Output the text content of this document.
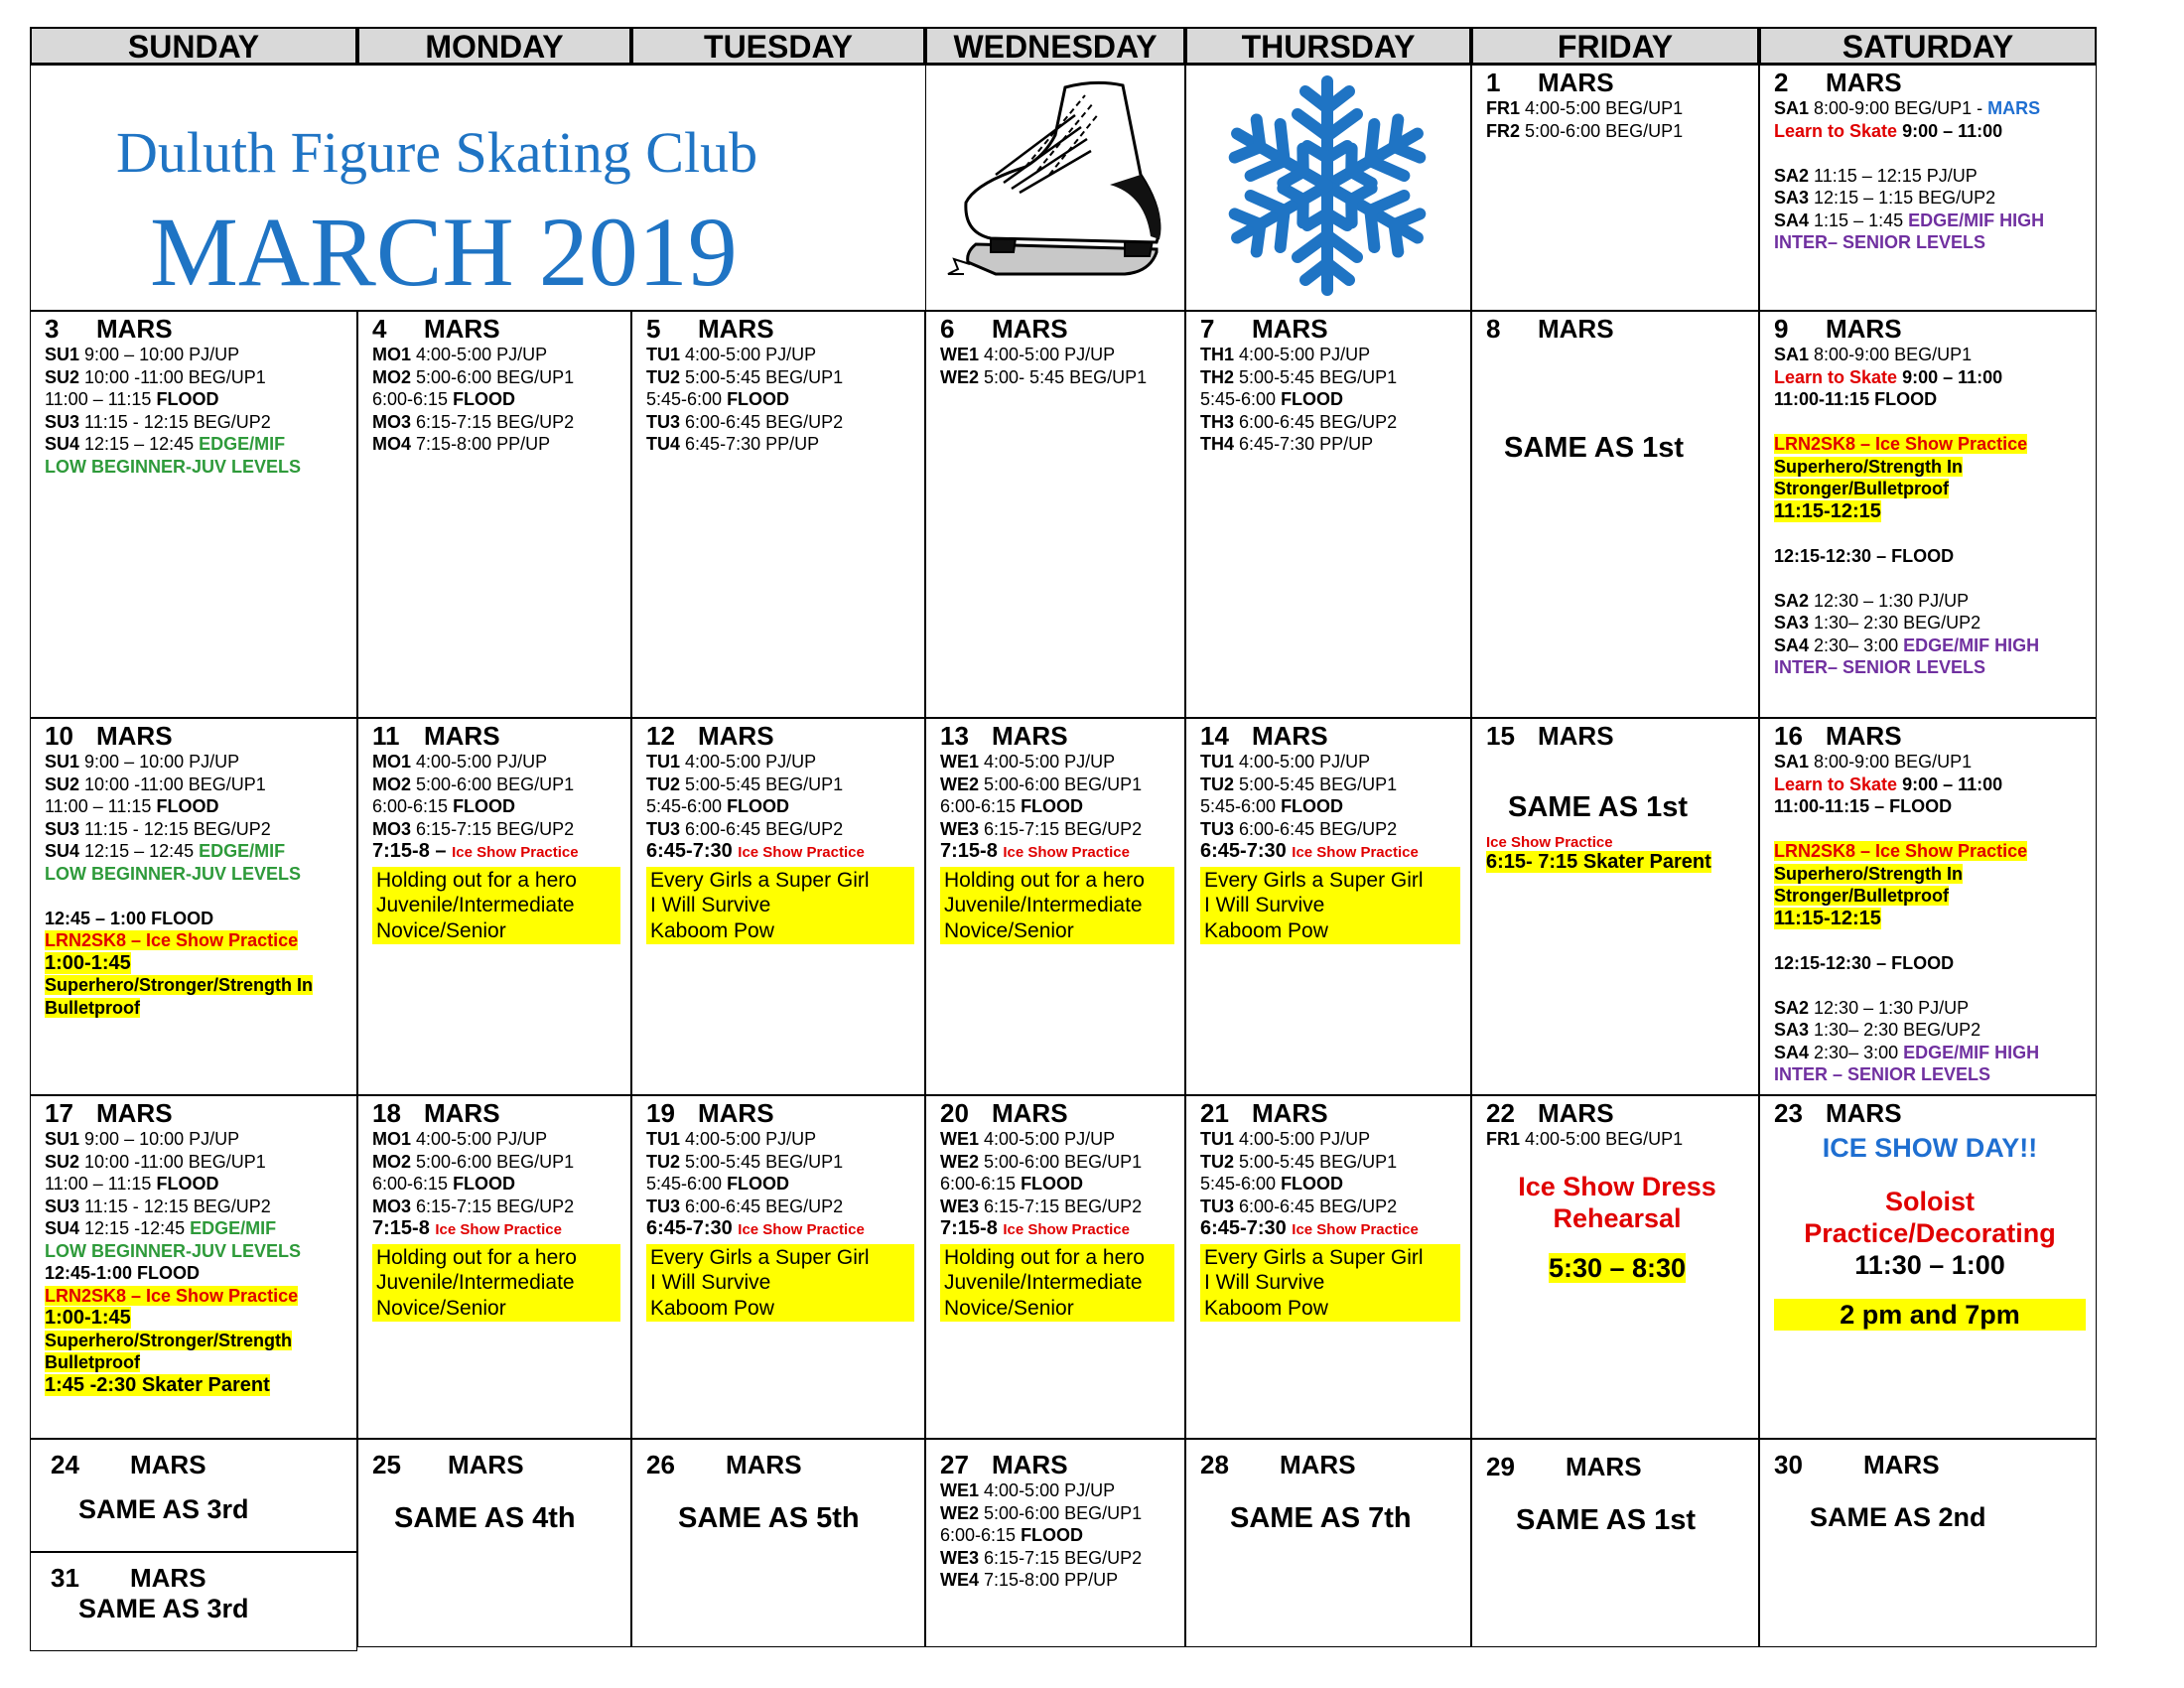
SUNDAY	MONDAY	TUESDAY	WEDNESDAY	THURSDAY	FRIDAY	SATURDAY
Duluth Figure Skating Club
MARCH 2019
1 MARS
FR1 4:00-5:00 BEG/UP1
FR2 5:00-6:00 BEG/UP1
2 MARS
SA1 8:00-9:00 BEG/UP1 - MARS
Learn to Skate 9:00 – 11:00

SA2 11:15 – 12:15 PJ/UP
SA3 12:15 – 1:15 BEG/UP2
SA4 1:15 – 1:45 EDGE/MIF HIGH
INTER– SENIOR LEVELS
3 MARS
SU1 9:00 – 10:00 PJ/UP
SU2 10:00 -11:00 BEG/UP1
11:00 – 11:15 FLOOD
SU3 11:15 - 12:15 BEG/UP2
SU4 12:15 – 12:45 EDGE/MIF
LOW BEGINNER-JUV LEVELS
4 MARS
MO1 4:00-5:00 PJ/UP
MO2 5:00-6:00 BEG/UP1
6:00-6:15 FLOOD
MO3 6:15-7:15 BEG/UP2
MO4 7:15-8:00 PP/UP
5 MARS
TU1 4:00-5:00 PJ/UP
TU2 5:00-5:45 BEG/UP1
5:45-6:00 FLOOD
TU3 6:00-6:45 BEG/UP2
TU4 6:45-7:30 PP/UP
6 MARS
WE1 4:00-5:00 PJ/UP
WE2 5:00- 5:45 BEG/UP1
7 MARS
TH1 4:00-5:00 PJ/UP
TH2 5:00-5:45 BEG/UP1
5:45-6:00 FLOOD
TH3 6:00-6:45 BEG/UP2
TH4 6:45-7:30 PP/UP
8 MARS
SAME AS 1st
9 MARS
SA1 8:00-9:00 BEG/UP1
Learn to Skate 9:00 – 11:00
11:00-11:15 FLOOD

LRN2SK8 – Ice Show Practice
Superhero/Strength In
Stronger/Bulletproof
11:15-12:15

12:15-12:30 – FLOOD

SA2 12:30 – 1:30 PJ/UP
SA3 1:30– 2:30 BEG/UP2
SA4 2:30– 3:00 EDGE/MIF HIGH
INTER– SENIOR LEVELS
10 MARS
SU1 9:00 – 10:00 PJ/UP
SU2 10:00 -11:00 BEG/UP1
11:00 – 11:15 FLOOD
SU3 11:15 - 12:15 BEG/UP2
SU4 12:15 – 12:45 EDGE/MIF
LOW BEGINNER-JUV LEVELS

12:45 – 1:00 FLOOD
LRN2SK8 – Ice Show Practice
1:00-1:45
Superhero/Stronger/Strength In
Bulletproof
11 MARS
MO1 4:00-5:00 PJ/UP
MO2 5:00-6:00 BEG/UP1
6:00-6:15 FLOOD
MO3 6:15-7:15 BEG/UP2
7:15-8 – Ice Show Practice
Holding out for a hero
Juvenile/Intermediate
Novice/Senior
12 MARS
TU1 4:00-5:00 PJ/UP
TU2 5:00-5:45 BEG/UP1
5:45-6:00 FLOOD
TU3 6:00-6:45 BEG/UP2
6:45-7:30 Ice Show Practice
Every Girls a Super Girl
I Will Survive
Kaboom Pow
13 MARS
WE1 4:00-5:00 PJ/UP
WE2 5:00-6:00 BEG/UP1
6:00-6:15 FLOOD
WE3 6:15-7:15 BEG/UP2
7:15-8 Ice Show Practice
Holding out for a hero
Juvenile/Intermediate
Novice/Senior
14 MARS
TU1 4:00-5:00 PJ/UP
TU2 5:00-5:45 BEG/UP1
5:45-6:00 FLOOD
TU3 6:00-6:45 BEG/UP2
6:45-7:30 Ice Show Practice
Every Girls a Super Girl
I Will Survive
Kaboom Pow
15 MARS
SAME AS 1st
Ice Show Practice
6:15- 7:15 Skater Parent
16 MARS
SA1 8:00-9:00 BEG/UP1
Learn to Skate 9:00 – 11:00
11:00-11:15 – FLOOD

LRN2SK8 – Ice Show Practice
Superhero/Strength In
Stronger/Bulletproof
11:15-12:15

12:15-12:30 – FLOOD

SA2 12:30 – 1:30 PJ/UP
SA3 1:30– 2:30 BEG/UP2
SA4 2:30– 3:00 EDGE/MIF HIGH
INTER – SENIOR LEVELS
17 MARS
SU1 9:00 – 10:00 PJ/UP
SU2 10:00 -11:00 BEG/UP1
11:00 – 11:15 FLOOD
SU3 11:15 - 12:15 BEG/UP2
SU4 12:15 -12:45 EDGE/MIF
LOW BEGINNER-JUV LEVELS
12:45-1:00 FLOOD
LRN2SK8 – Ice Show Practice
1:00-1:45
Superhero/Stronger/Strength
Bulletproof
1:45 -2:30 Skater Parent
18 MARS
MO1 4:00-5:00 PJ/UP
MO2 5:00-6:00 BEG/UP1
6:00-6:15 FLOOD
MO3 6:15-7:15 BEG/UP2
7:15-8 Ice Show Practice
Holding out for a hero
Juvenile/Intermediate
Novice/Senior
19 MARS
TU1 4:00-5:00 PJ/UP
TU2 5:00-5:45 BEG/UP1
5:45-6:00 FLOOD
TU3 6:00-6:45 BEG/UP2
6:45-7:30 Ice Show Practice
Every Girls a Super Girl
I Will Survive
Kaboom Pow
20 MARS
WE1 4:00-5:00 PJ/UP
WE2 5:00-6:00 BEG/UP1
6:00-6:15 FLOOD
WE3 6:15-7:15 BEG/UP2
7:15-8 Ice Show Practice
Holding out for a hero
Juvenile/Intermediate
Novice/Senior
21 MARS
TU1 4:00-5:00 PJ/UP
TU2 5:00-5:45 BEG/UP1
5:45-6:00 FLOOD
TU3 6:00-6:45 BEG/UP2
6:45-7:30 Ice Show Practice
Every Girls a Super Girl
I Will Survive
Kaboom Pow
22 MARS
FR1 4:00-5:00 BEG/UP1
Ice Show Dress
Rehearsal
5:30 – 8:30
23 MARS
ICE SHOW DAY!!
Soloist
Practice/Decorating
11:30 – 1:00
2 pm and 7pm
24 MARS
SAME AS 3rd
31 MARS
SAME AS 3rd
25 MARS
SAME AS 4th
26 MARS
SAME AS 5th
27 MARS
WE1 4:00-5:00 PJ/UP
WE2 5:00-6:00 BEG/UP1
6:00-6:15 FLOOD
WE3 6:15-7:15 BEG/UP2
WE4 7:15-8:00 PP/UP
28 MARS
SAME AS 7th
29 MARS
SAME AS 1st
30 MARS
SAME AS 2nd
